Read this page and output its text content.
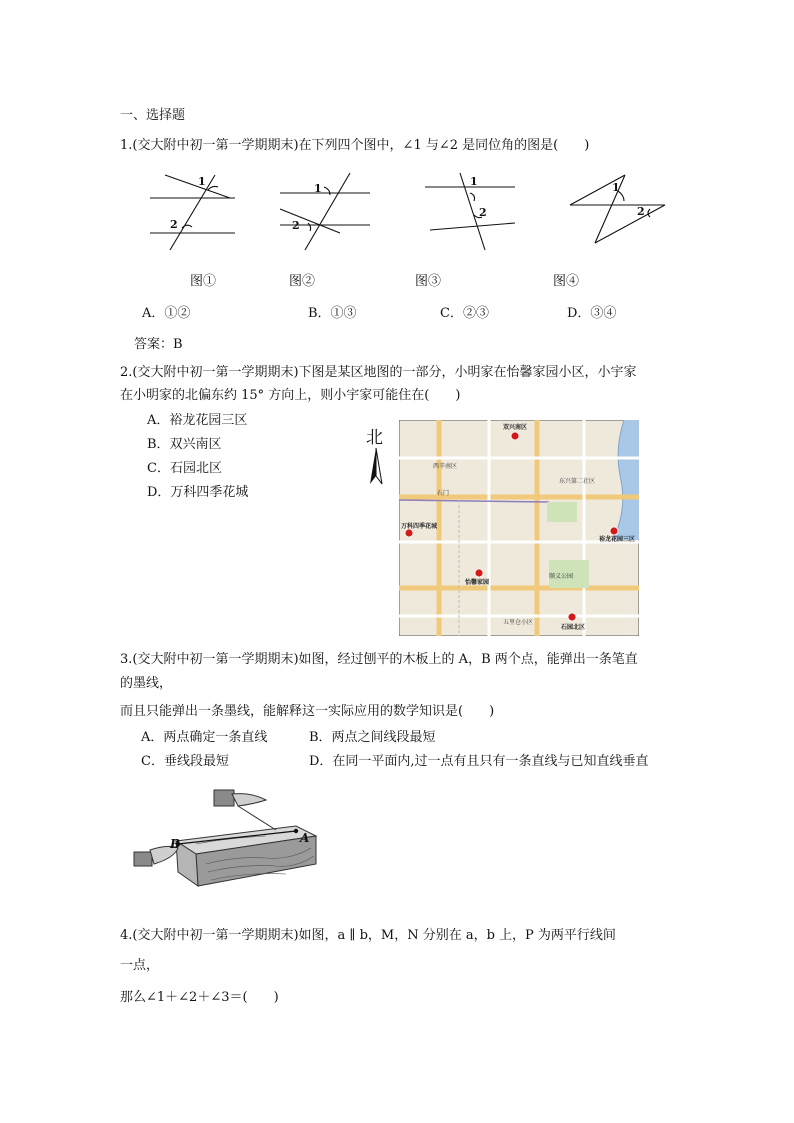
一、选择题
1.(交大附中初一第一学期期末)在下列四个图中，∠1 与∠2 是同位角的图是(　　)
1
2
1
2
1
2
1
2
图①	图②	图③	图④
A．①②	B．①③	C．②③	D．③④
答案：B
2.(交大附中初一第一学期期末)下图是某区地图的一部分，小明家在怡馨家园小区，小宇家
在小明家的北偏东约 15° 方向上，则小宇家可能住在(　　)
A．裕龙花园三区
B．双兴南区
C．石园北区
D．万科四季花城
北
双兴南区
万科四季花城
裕龙花园三区
怡馨家园
石园北区
东兴第二社区
顺义公园
西辛南区
石门
五里仓小区
3.(交大附中初一第一学期期末)如图，经过刨平的木板上的 A，B 两个点，能弹出一条笔直
的墨线，
而且只能弹出一条墨线，能解释这一实际应用的数学知识是(　　)
A．两点确定一条直线	B．两点之间线段最短
C．垂线段最短	D．在同一平面内,过一点有且只有一条直线与已知直线垂直
B	A
4.(交大附中初一第一学期期末)如图，a ∥ b，M，N 分别在 a，b 上，P 为两平行线间
一点，
那么∠1＋∠2＋∠3＝(　　)
